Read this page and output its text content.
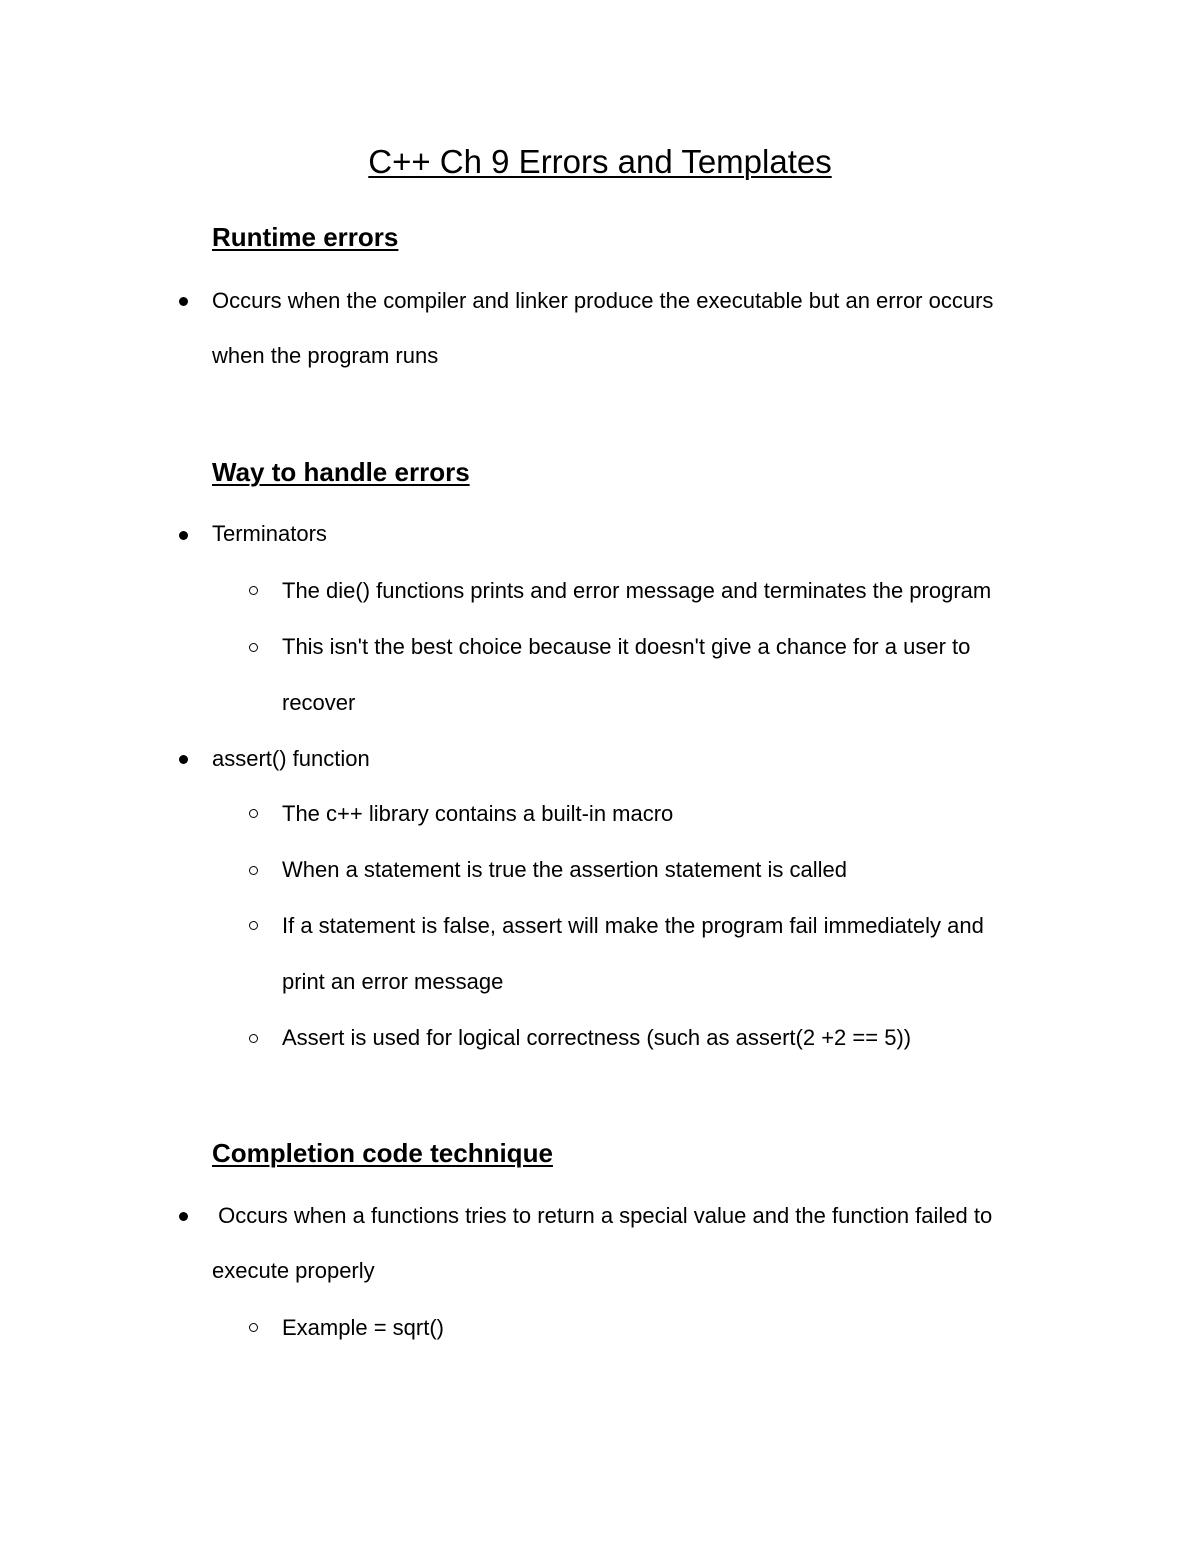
C++ Ch 9 Errors and Templates
Runtime errors
Occurs when the compiler and linker produce the executable but an error occurs
when the program runs
Way to handle errors
Terminators
The die() functions prints and error message and terminates the program
This isn't the best choice because it doesn't give a chance for a user to
recover
assert() function
The c++ library contains a built-in macro
When a statement is true the assertion statement is called
If a statement is false, assert will make the program fail immediately and
print an error message
Assert is used for logical correctness (such as assert(2 +2 == 5))
Completion code technique
Occurs when a functions tries to return a special value and the function failed to
execute properly
Example = sqrt()
